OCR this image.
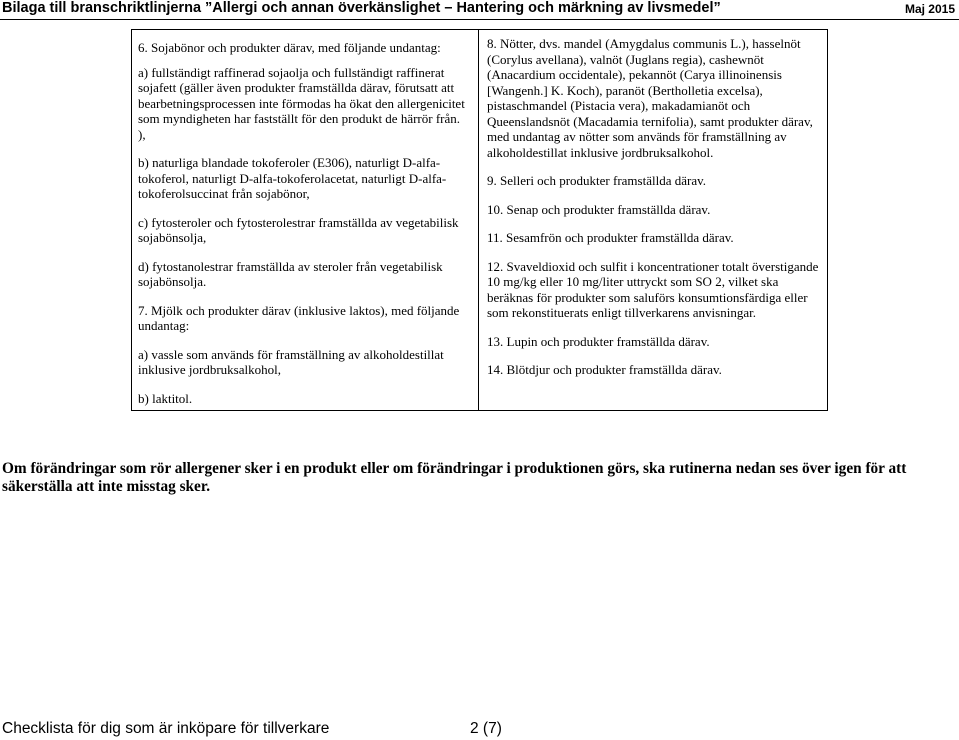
Bilaga till branschriktlinjerna ”Allergi och annan överkänslighet – Hantering och märkning av livsmedel”	Maj 2015

6. Sojabönor och produkter därav, med följande undantag:

a) fullständigt raffinerad sojaolja och fullständigt raffinerat sojafett (gäller även produkter framställda därav, förutsatt att bearbetningsprocessen inte förmodas ha ökat den allergenicitet som myndigheten har fastställt för den produkt de härrör från. ),

b) naturliga blandade tokoferoler (E306), naturligt D-alfa-tokoferol, naturligt D-alfa-tokoferolacetat, naturligt D-alfa-tokoferolsuccinat från sojabönor,

c) fytosteroler och fytosterolestrar framställda av vegetabilisk sojabönsolja,

d) fytostanolestrar framställda av steroler från vegetabilisk sojabönsolja.

7. Mjölk och produkter därav (inklusive laktos), med följande undantag:

a) vassle som används för framställning av alkoholdestillat inklusive jordbruksalkohol,

b) laktitol.

8. Nötter, dvs. mandel (Amygdalus communis L.), hasselnöt (Corylus avellana), valnöt (Juglans regia), cashewnöt (Anacardium occidentale), pekannöt (Carya illinoinensis [Wangenh.] K. Koch), paranöt (Bertholletia excelsa), pistaschmandel (Pistacia vera), makadamianöt och Queenslandsnöt (Macadamia ternifolia), samt produkter därav, med undantag av nötter som används för framställning av alkoholdestillat inklusive jordbruksalkohol.

9. Selleri och produkter framställda därav.

10. Senap och produkter framställda därav.

11. Sesamfrön och produkter framställda därav.

12. Svaveldioxid och sulfit i koncentrationer totalt överstigande 10 mg/kg eller 10 mg/liter uttryckt som SO 2, vilket ska beräknas för produkter som saluförs konsumtionsfärdiga eller som rekonstituerats enligt tillverkarens anvisningar.

13. Lupin och produkter framställda därav.

14. Blötdjur och produkter framställda därav.

Om förändringar som rör allergener sker i en produkt eller om förändringar i produktionen görs, ska rutinerna nedan ses över igen för att säkerställa att inte misstag sker.
Checklista för dig som är inköpare för tillverkare	2 (7)
